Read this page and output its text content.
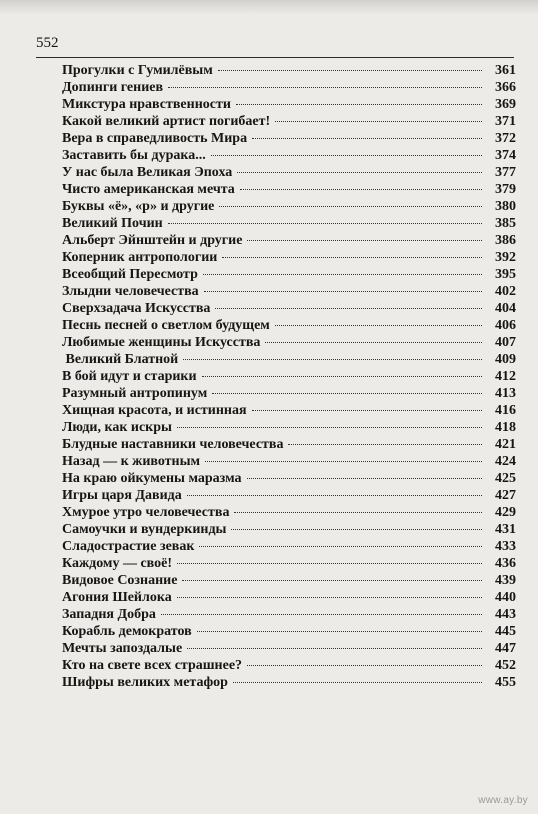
552
Прогулки с Гумилёвым	361
Допинги гениев	366
Микстура нравственности	369
Какой великий артист погибает!	371
Вера в справедливость Мира	372
Заставить бы дурака...	374
У нас была Великая Эпоха	377
Чисто американская мечта	379
Буквы «ё», «р» и другие	380
Великий Почин	385
Альберт Эйнштейн и другие	386
Коперник антропологии	392
Всеобщий Пересмотр	395
Злыдни человечества	402
Сверхзадача Искусства	404
Песнь песней о светлом будущем	406
Любимые женщины Искусства	407
Великий Блатной	409
В бой идут и старики	412
Разумный антропинум	413
Хищная красота, и истинная	416
Люди, как искры	418
Блудные наставники человечества	421
Назад — к животным	424
На краю ойкумены маразма	425
Игры царя Давида	427
Хмурое утро человечества	429
Самоучки и вундеркинды	431
Сладострастие зевак	433
Каждому — своё!	436
Видовое Сознание	439
Агония Шейлока	440
Западня Добра	443
Корабль демократов	445
Мечты запоздалые	447
Кто на свете всех страшнее?	452
Шифры великих метафор	455
www.ay.by
